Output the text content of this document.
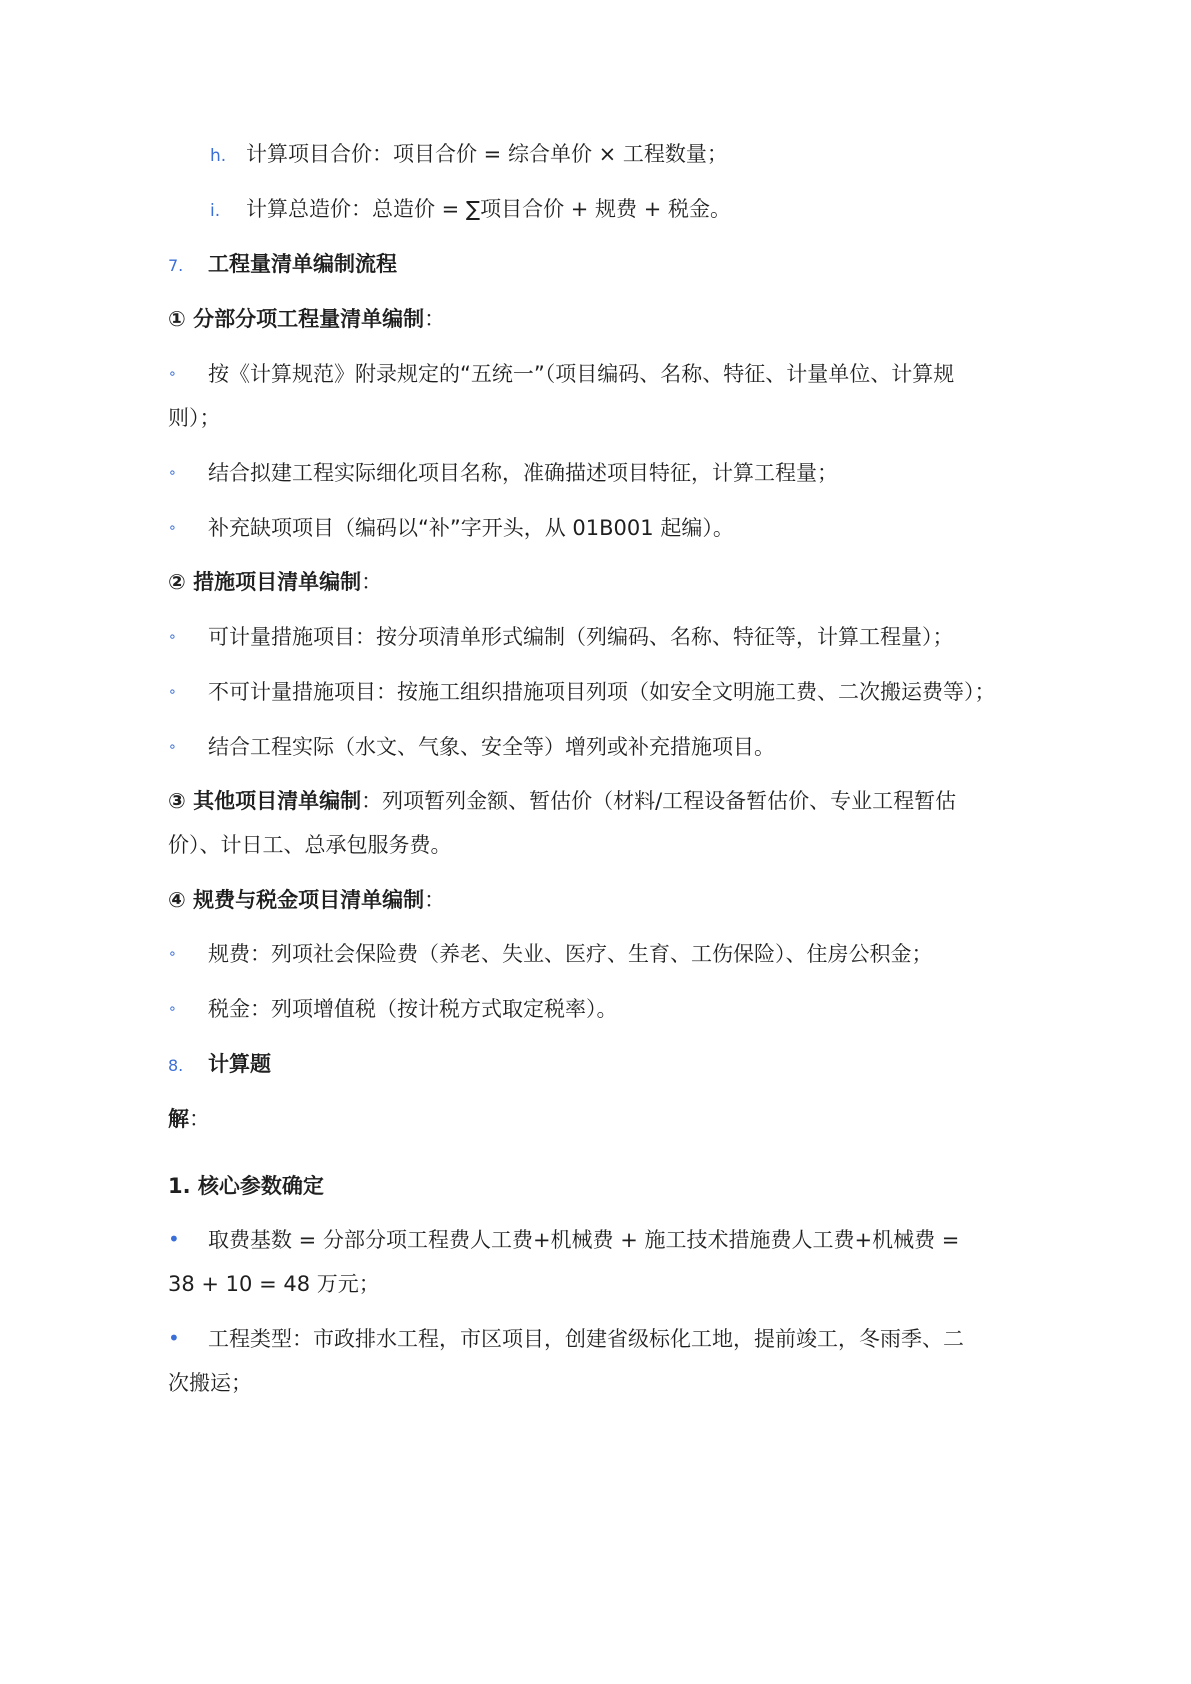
h. 计算项目合价：项目合价 = 综合单价 × 工程数量；
i. 计算总造价：总造价 = ∑项目合价 + 规费 + 税金。
7. 工程量清单编制流程
① 分部分项工程量清单编制：
∘ 按《计算规范》附录规定的“五统一”（项目编码、名称、特征、计量单位、计算规
则）；
∘ 结合拟建工程实际细化项目名称，准确描述项目特征，计算工程量；
∘ 补充缺项项目（编码以“补”字开头，从 01B001 起编）。
② 措施项目清单编制：
∘ 可计量措施项目：按分项清单形式编制（列编码、名称、特征等，计算工程量）；
∘ 不可计量措施项目：按施工组织措施项目列项（如安全文明施工费、二次搬运费等）；
∘ 结合工程实际（水文、气象、安全等）增列或补充措施项目。
③ 其他项目清单编制：列项暂列金额、暂估价（材料/工程设备暂估价、专业工程暂估
价）、计日工、总承包服务费。
④ 规费与税金项目清单编制：
∘ 规费：列项社会保险费（养老、失业、医疗、生育、工伤保险）、住房公积金；
∘ 税金：列项增值税（按计税方式取定税率）。
8. 计算题
解：
1. 核心参数确定
• 取费基数 = 分部分项工程费人工费+机械费 + 施工技术措施费人工费+机械费 =
38 + 10 = 48 万元；
• 工程类型：市政排水工程，市区项目，创建省级标化工地，提前竣工，冬雨季、二
次搬运；
